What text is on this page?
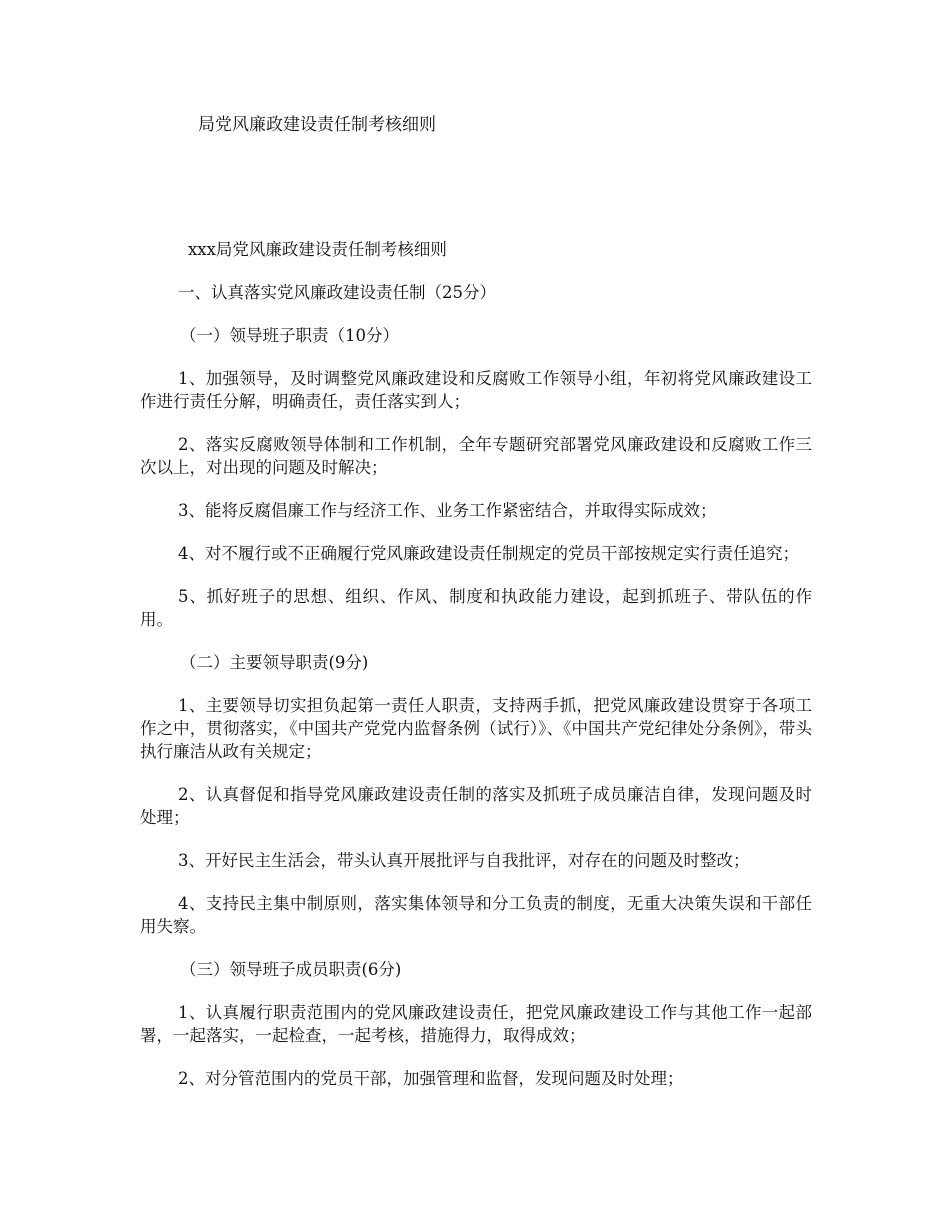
局党风廉政建设责任制考核细则

xxx局党风廉政建设责任制考核细则

一、认真落实党风廉政建设责任制（25分）

（一）领导班子职责（10分）

1、加强领导，及时调整党风廉政建设和反腐败工作领导小组，年初将党风廉政建设工作进行责任分解，明确责任，责任落实到人；

2、落实反腐败领导体制和工作机制，全年专题研究部署党风廉政建设和反腐败工作三次以上，对出现的问题及时解决；

3、能将反腐倡廉工作与经济工作、业务工作紧密结合，并取得实际成效；

4、对不履行或不正确履行党风廉政建设责任制规定的党员干部按规定实行责任追究；

5、抓好班子的思想、组织、作风、制度和执政能力建设，起到抓班子、带队伍的作用。

（二）主要领导职责(9分)

1、主要领导切实担负起第一责任人职责，支持两手抓，把党风廉政建设贯穿于各项工作之中，贯彻落实，《中国共产党党内监督条例（试行）》、《中国共产党纪律处分条例》，带头执行廉洁从政有关规定；

2、认真督促和指导党风廉政建设责任制的落实及抓班子成员廉洁自律，发现问题及时处理；

3、开好民主生活会，带头认真开展批评与自我批评，对存在的问题及时整改；

4、支持民主集中制原则，落实集体领导和分工负责的制度，无重大决策失误和干部任用失察。

（三）领导班子成员职责(6分)

1、认真履行职责范围内的党风廉政建设责任，把党风廉政建设工作与其他工作一起部署，一起落实，一起检查，一起考核，措施得力，取得成效；

2、对分管范围内的党员干部，加强管理和监督，发现问题及时处理；
